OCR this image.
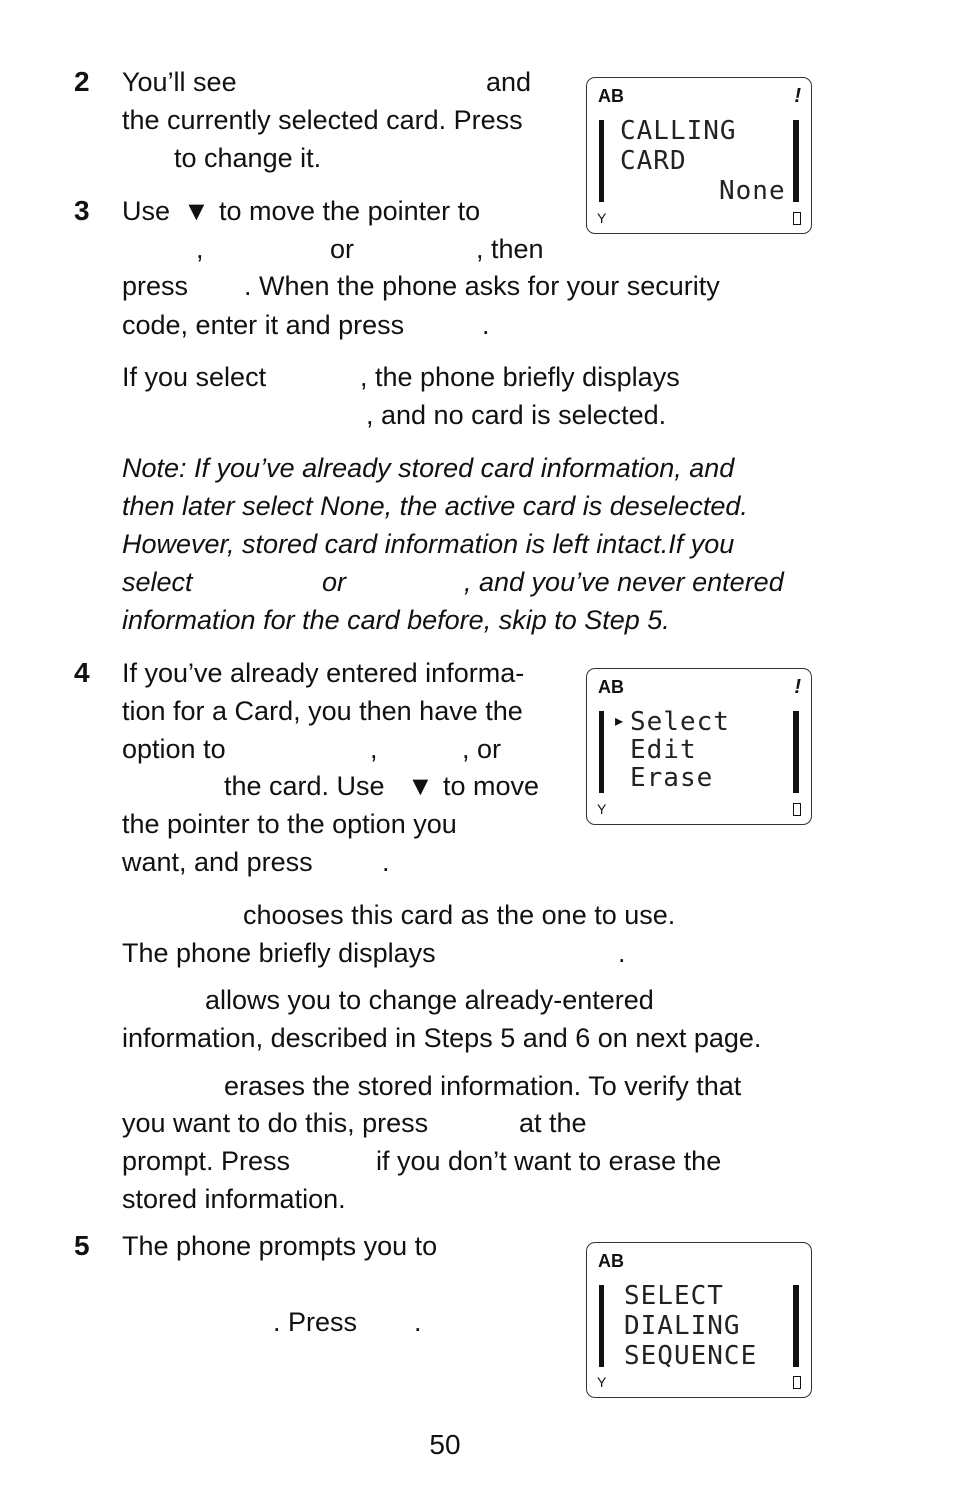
2 You’ll see	and
the currently selected card. Press
to change it.
3 Use ▼ to move the pointer to
,	or	, then
press . When the phone asks for your security
code, enter it and press	.
If you select	, the phone briefly displays
, and no card is selected.
Note: If you’ve already stored card information, and
then later select None, the active card is deselected.
However, stored card information is left intact.If you
select	or	, and you’ve never entered
information for the card before, skip to Step 5.
4 If you’ve already entered informa-
tion for a Card, you then have the
option to	,	, or
the card. Use ▼ to move
the pointer to the option you
want, and press	.
chooses this card as the one to use.
The phone briefly displays	.
allows you to change already-entered
information, described in Steps 5 and 6 on next page.
erases the stored information. To verify that
you want to do this, press	at the
prompt. Press	if you don’t want to erase the
stored information.
5 The phone prompts you to
. Press .
AB	!
CALLING
CARD
None
Y
AB	!
▸ Select
Edit
Erase
Y
AB
SELECT
DIALING
SEQUENCE
Y
50
